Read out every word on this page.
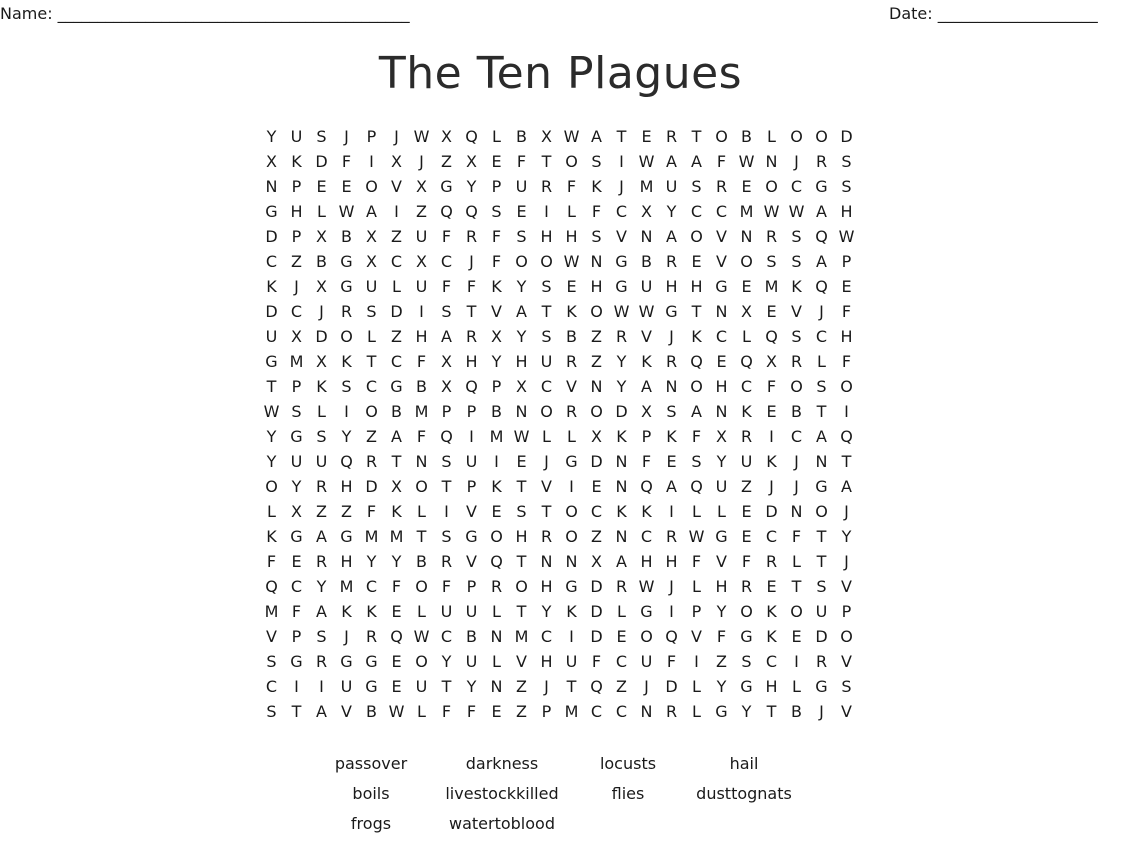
Name: ____________________________________________	Date: ____________________
The Ten Plagues
Y U S	J	P	J W X Q L B X W A T E R T O B L O O D
X K D F	I	X	J	Z X E F T O S	I W A A F W N	J	R S
N P E E O V X G Y P U R F K	J M U S R E O C G S
G H L W A	I	Z Q Q S E	I	L F C X Y C C M W W A H
D P X B X Z U F R F S H H S V N A O V N R S Q W
C Z B G X C X C	J	F O O W N G B R E V O S S A P
K	J	X G U L U F F K Y S E H G U H H G E M K Q E
D C	J	R S D	I	S T V A T K O W W G T N X E V	J	F
U X D O L Z H A R X Y S B Z R V	J	K C L Q S C H
G M X K T C F X H Y H U R Z Y K R Q E Q X R L F
T P K S C G B X Q P X C V N Y A N O H C F O S O
W S L	I	O B M P P B N O R O D X S A N K E B T	I
Y G S Y Z A F Q	I M W L	L X K P K F X R	I	C A Q
Y U U Q R T N S U	I	E	J	G D N F E S Y U K	J	N T
O Y R H D X O T P K T V	I	E N Q A Q U Z	J	J	G A
L X Z Z F K L	I	V E S T O C K K	I	L	L E D N O	J
K G A G M M T S G O H R O Z N C R W G E C F T Y
F E R H Y Y B R V Q T N N X A H H F V F R L T	J
Q C Y M C F O F P R O H G D R W J	L H R E T S V
M F A K K E L U U L T Y K D L G	I	P Y O K O U P
V P S	J	R Q W C B N M C	I	D E O Q V F G K E D O
S G R G G E O Y U L V H U F C U F	I	Z S C	I	R V
C	I	I	U G E U T Y N Z	J	T Q Z	J	D L Y G H L G S
S T A V B W L F F E Z P M C C N R L G Y T B	J	V
passover	darkness	locusts	hail
boils	livestockkilled	flies	dusttognats
frogs	watertoblood
